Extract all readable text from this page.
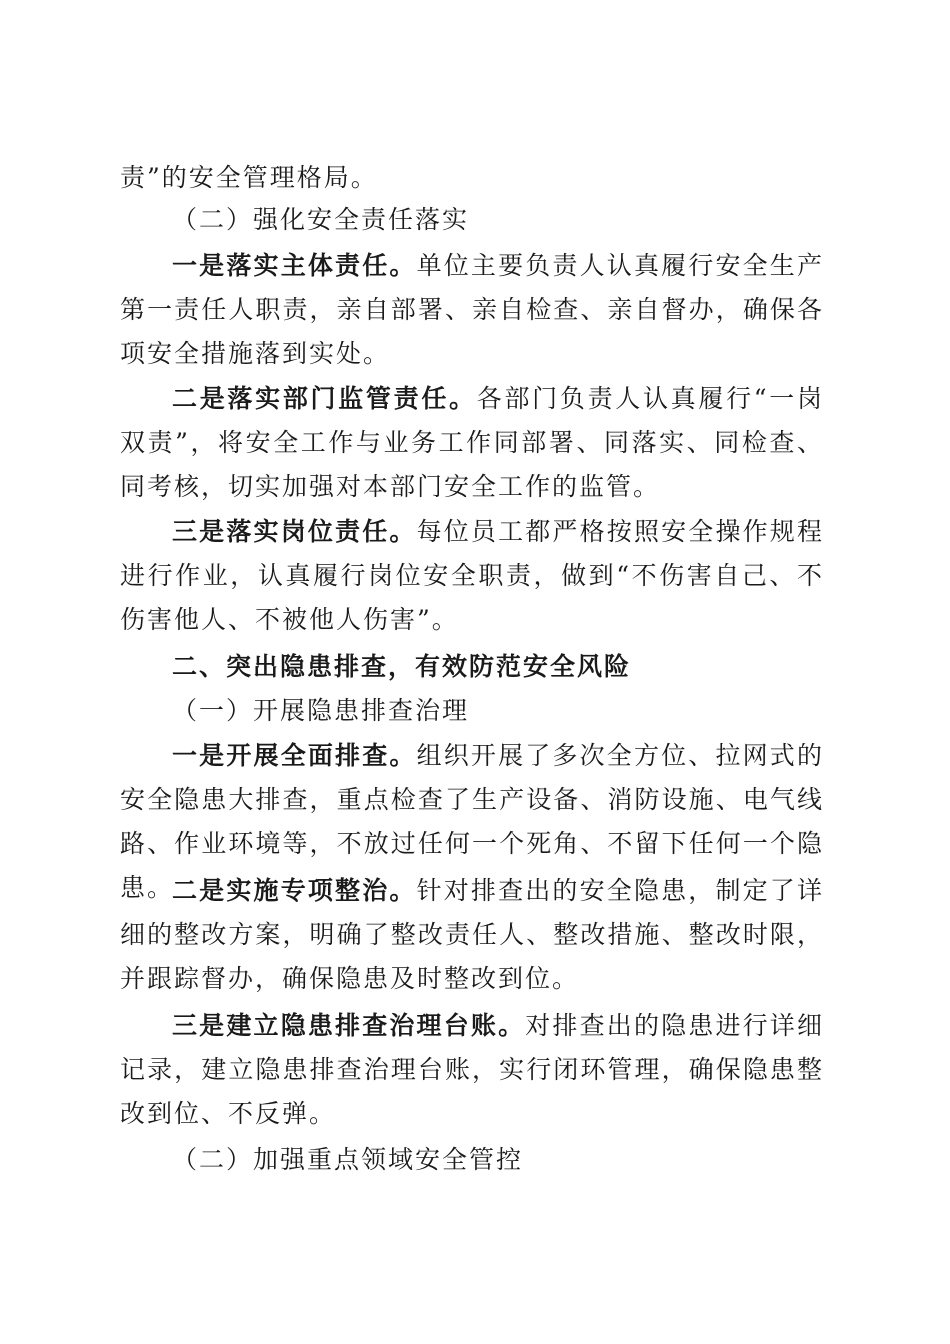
责”的安全管理格局。

（二）强化安全责任落实

一是落实主体责任。单位主要负责人认真履行安全生产第一责任人职责，亲自部署、亲自检查、亲自督办，确保各项安全措施落到实处。

二是落实部门监管责任。各部门负责人认真履行“一岗双责”，将安全工作与业务工作同部署、同落实、同检查、同考核，切实加强对本部门安全工作的监管。

三是落实岗位责任。每位员工都严格按照安全操作规程进行作业，认真履行岗位安全职责，做到“不伤害自己、不伤害他人、不被他人伤害”。

二、突出隐患排查，有效防范安全风险

（一）开展隐患排查治理

一是开展全面排查。组织开展了多次全方位、拉网式的安全隐患大排查，重点检查了生产设备、消防设施、电气线路、作业环境等，不放过任何一个死角、不留下任何一个隐患。

二是实施专项整治。针对排查出的安全隐患，制定了详细的整改方案，明确了整改责任人、整改措施、整改时限，并跟踪督办，确保隐患及时整改到位。

三是建立隐患排查治理台账。对排查出的隐患进行详细记录，建立隐患排查治理台账，实行闭环管理，确保隐患整改到位、不反弹。

（二）加强重点领域安全管控
